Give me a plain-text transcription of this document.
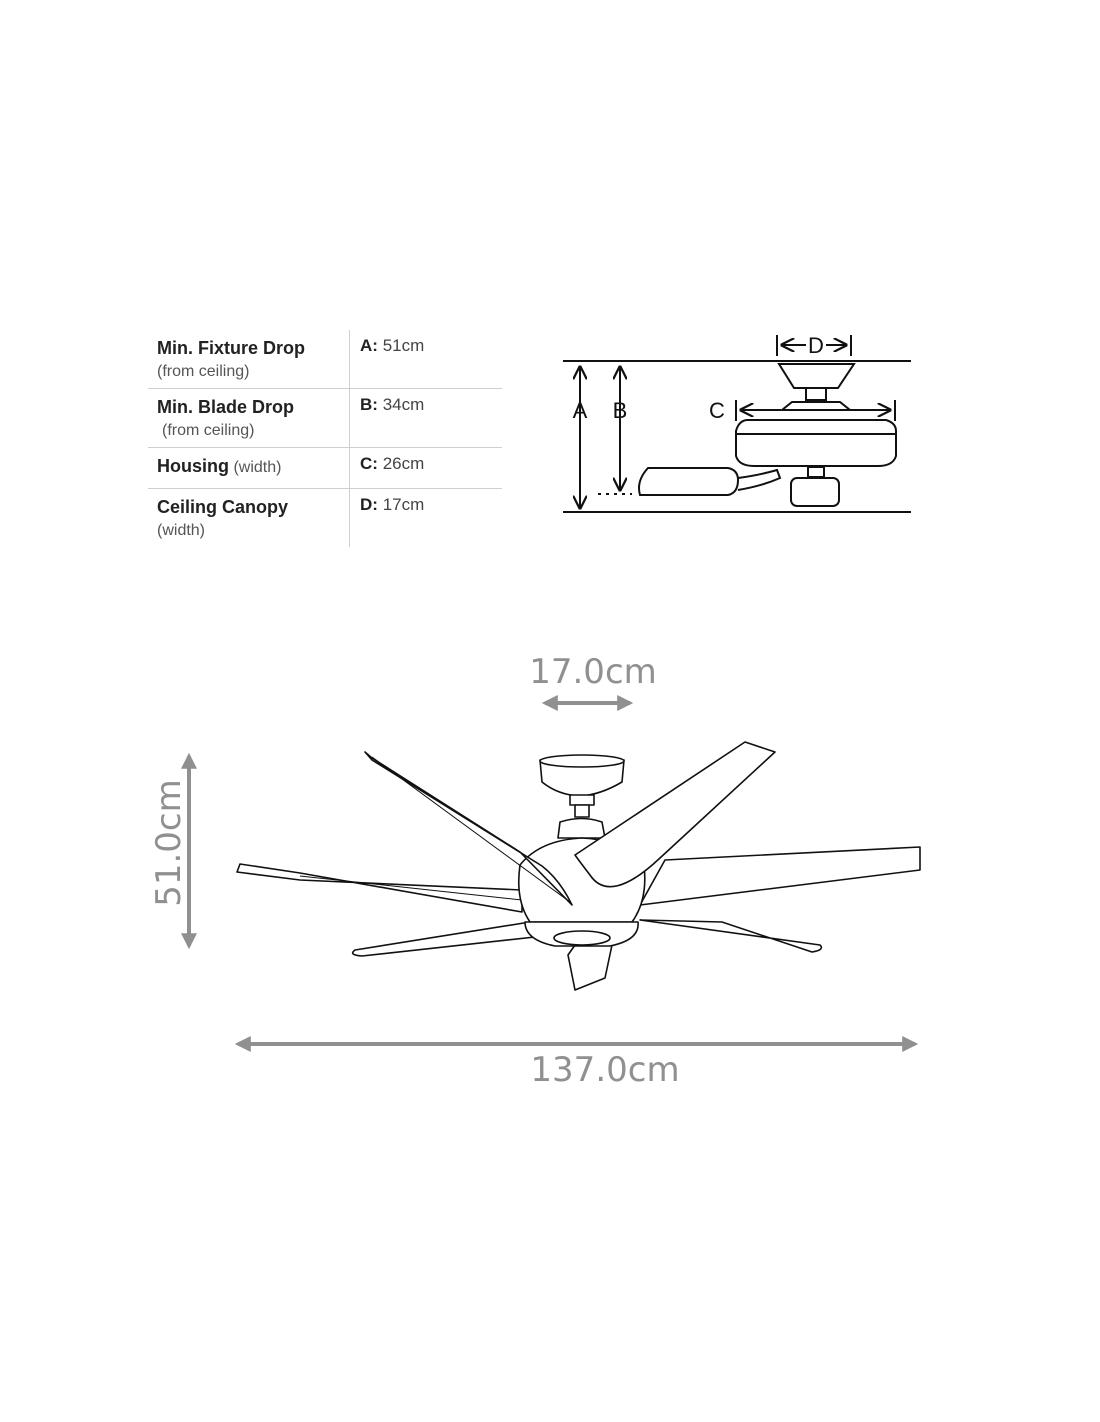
Min. Fixture Drop
(from ceiling)
A: 51cm
Min. Blade Drop
(from ceiling)
B: 34cm
Housing (width)	C: 26cm
Ceiling Canopy
(width)
D: 17cm
A B	C
D
17.0cm
51.0cm
137.0cm
